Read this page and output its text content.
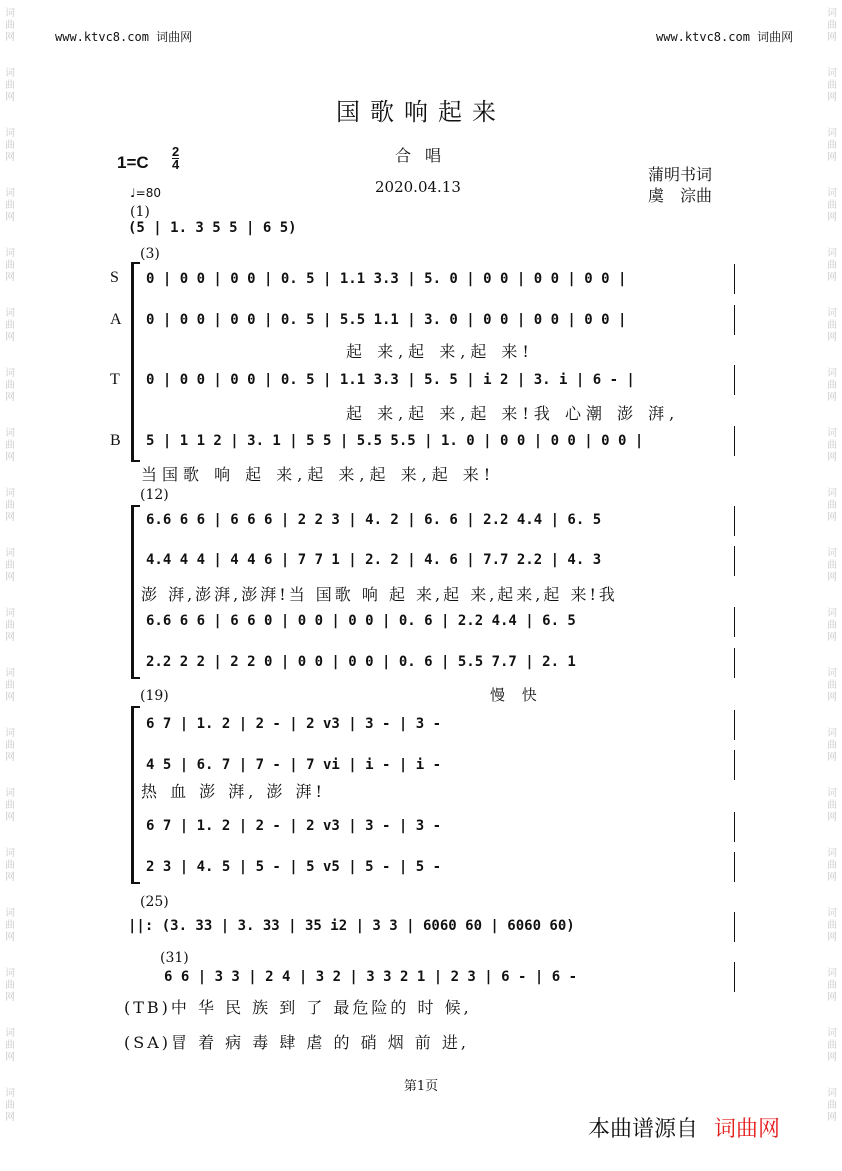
词
曲
网
词
曲
网
词
曲
网
词
曲
网
词
曲
网
词
曲
网
词
曲
网
词
曲
网
词
曲
网
词
曲
网
词
曲
网
词
曲
网
词
曲
网
词
曲
网
词
曲
网
词
曲
网
词
曲
网
词
曲
网
词
曲
网
词
曲
网
词
曲
网
词
曲
网
词
曲
网
词
曲
网
词
曲
网
词
曲
网
词
曲
网
词
曲
网
词
曲
网
词
曲
网
词
曲
网
词
曲
网
词
曲
网
词
曲
网
词
曲
网
词
曲
网
词
曲
网
词
曲
网
www.ktvc8.com 词曲网	www.ktvc8.com 词曲网
国歌响起来
合唱
2020.04.13
1=C
2
4
♩=80
蒲明书词
虞　淙曲
(1)
(5 | 1. 3 5 5 | 6 5)
(3)
S
A
T
B
0 | 0 0 | 0 0 | 0. 5 | 1.1 3.3 | 5. 0 | 0 0 | 0 0 | 0 0 |
0 | 0 0 | 0 0 | 0. 5 | 5.5 1.1 | 3. 0 | 0 0 | 0 0 | 0 0 |
起 来,起 来,起 来!
0 | 0 0 | 0 0 | 0. 5 | 1.1 3.3 | 5. 5 | i 2 | 3. i | 6 - |
起 来,起 来,起 来!我 心潮 澎 湃,
5 | 1 1 2 | 3. 1 | 5 5 | 5.5 5.5 | 1. 0 | 0 0 | 0 0 | 0 0 |
当国歌 响 起 来,起 来,起 来,起 来!
(12)
6.6 6 6 | 6 6 6 | 2 2 3 | 4. 2 | 6. 6 | 2.2 4.4 | 6. 5
4.4 4 4 | 4 4 6 | 7 7 1 | 2. 2 | 4. 6 | 7.7 2.2 | 4. 3
澎 湃,澎湃,澎湃!当 国歌 响 起 来,起 来,起来,起 来!我
6.6 6 6 | 6 6 0 | 0 0 | 0 0 | 0. 6 | 2.2 4.4 | 6. 5
2.2 2 2 | 2 2 0 | 0 0 | 0 0 | 0. 6 | 5.5 7.7 | 2. 1
(19)	慢 快
6 7 | 1. 2 | 2 - | 2 v3 | 3 - | 3 -
4 5 | 6. 7 | 7 - | 7 vi | i - | i -
热 血 澎 湃, 澎 湃!
6 7 | 1. 2 | 2 - | 2 v3 | 3 - | 3 -
2 3 | 4. 5 | 5 - | 5 v5 | 5 - | 5 -
(25)
||: (3. 33 | 3. 33 | 35 i2 | 3 3 | 6060 60 | 6060 60)
(31)
6 6 | 3 3 | 2 4 | 3 2 | 3 3 2 1 | 2 3 | 6 - | 6 -
(TB)中 华 民 族 到 了 最危险的 时 候,
(SA)冒 着 病 毒 肆 虐 的 硝 烟 前 进,
第1页
本曲谱源自 词曲网
